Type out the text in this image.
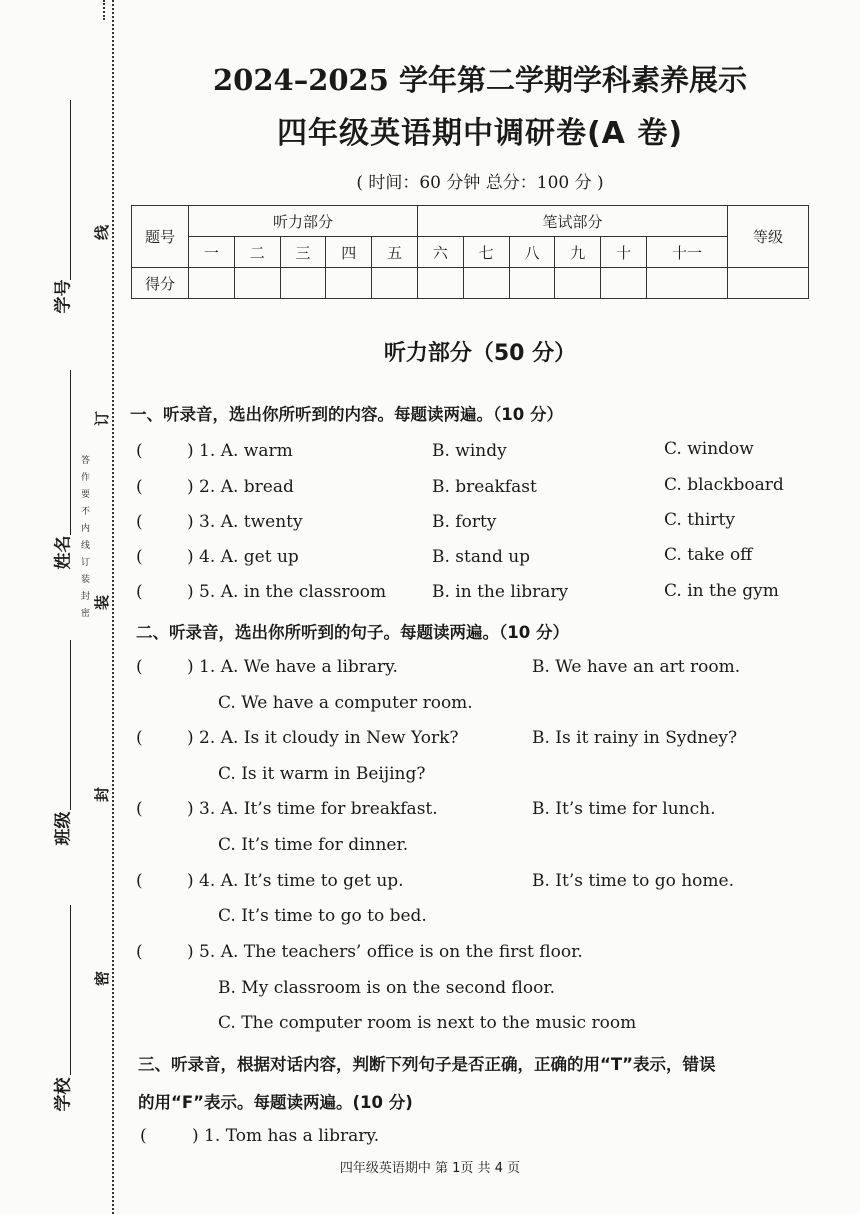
学号
姓名
班级
学校
线
订
装
封
密
答作要不内线订装封密
2024–2025 学年第二学期学科素养展示
四年级英语期中调研卷(A 卷)
( 时间：60 分钟 总分：100 分 )
题号	听力部分					笔试部分						等级
	一	二	三	四	五	六	七	八	九	十	十一	
得分												
听力部分（50 分）
一、听录音，选出你所听到的内容。每题读两遍。（10 分）
(	) 1. A. warm	B. windy	C. window
(	) 2. A. bread	B. breakfast	C. blackboard
(	) 3. A. twenty	B. forty	C. thirty
(	) 4. A. get up	B. stand up	C. take off
(	) 5. A. in the classroom	B. in the library	C. in the gym
二、听录音，选出你所听到的句子。每题读两遍。（10 分）
(	) 1. A. We have a library.	B. We have an art room.
C. We have a computer room.
(	) 2. A. Is it cloudy in New York?	B. Is it rainy in Sydney?
C. Is it warm in Beijing?
(	) 3. A. It’s time for breakfast.	B. It’s time for lunch.
C. It’s time for dinner.
(	) 4. A. It’s time to get up.	B. It’s time to go home.
C. It’s time to go to bed.
(	) 5. A. The teachers’ office is on the first floor.
B. My classroom is on the second floor.
C. The computer room is next to the music room
三、听录音，根据对话内容，判断下列句子是否正确，正确的用“T”表示，错误
的用“F”表示。每题读两遍。(10 分)
(	) 1. Tom has a library.
四年级英语期中 第 1页 共 4 页
